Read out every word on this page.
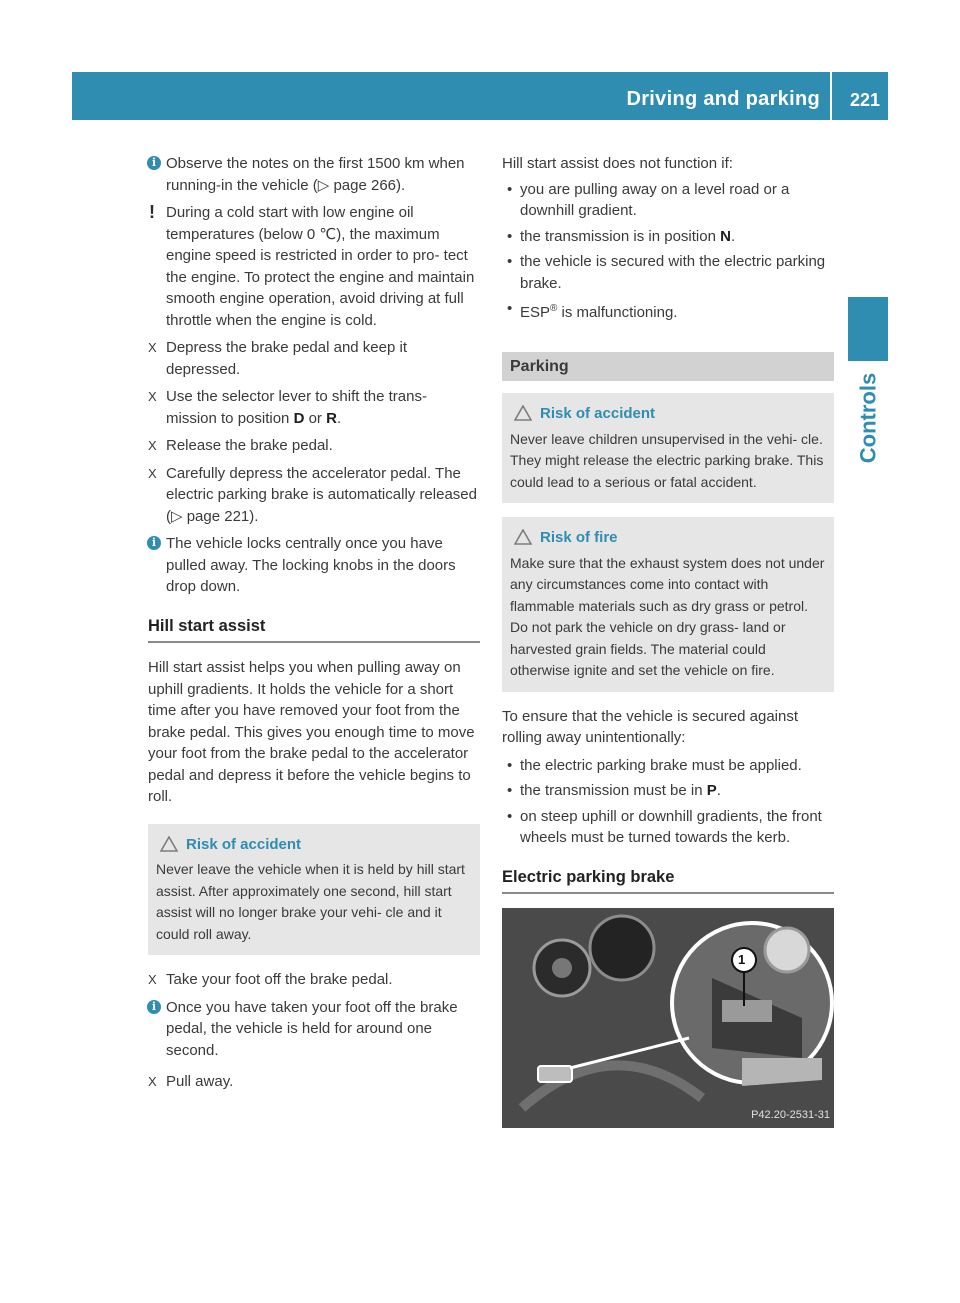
Driving and parking 221
Controls
i Observe the notes on the first 1500 km when running-in the vehicle (▷ page 266).

! During a cold start with low engine oil temperatures (below 0 ℃), the maximum engine speed is restricted in order to pro- tect the engine. To protect the engine and maintain smooth engine operation, avoid driving at full throttle when the engine is cold.

X Depress the brake pedal and keep it depressed.

X Use the selector lever to shift the trans- mission to position D or R.

X Release the brake pedal.

X Carefully depress the accelerator pedal. The electric parking brake is automatically released (▷ page 221).

i The vehicle locks centrally once you have pulled away. The locking knobs in the doors drop down.

Hill start assist

Hill start assist helps you when pulling away on uphill gradients. It holds the vehicle for a short time after you have removed your foot from the brake pedal. This gives you enough time to move your foot from the brake pedal to the accelerator pedal and depress it before the vehicle begins to roll.

Risk of accident

Never leave the vehicle when it is held by hill start assist. After approximately one second, hill start assist will no longer brake your vehi- cle and it could roll away.

X Take your foot off the brake pedal.

i Once you have taken your foot off the brake pedal, the vehicle is held for around one second.

X Pull away.

Hill start assist does not function if:

• you are pulling away on a level road or a downhill gradient.

• the transmission is in position N.

• the vehicle is secured with the electric parking brake.

• ESP® is malfunctioning.

Parking
Risk of accident

Never leave children unsupervised in the vehi- cle. They might release the electric parking brake. This could lead to a serious or fatal accident.

Risk of fire

Make sure that the exhaust system does not under any circumstances come into contact with flammable materials such as dry grass or petrol. Do not park the vehicle on dry grass- land or harvested grain fields. The material could otherwise ignite and set the vehicle on fire.

To ensure that the vehicle is secured against rolling away unintentionally:

• the electric parking brake must be applied.

• the transmission must be in P.

• on steep uphill or downhill gradients, the front wheels must be turned towards the kerb.

Electric parking brake
1
P42.20-2531-31
